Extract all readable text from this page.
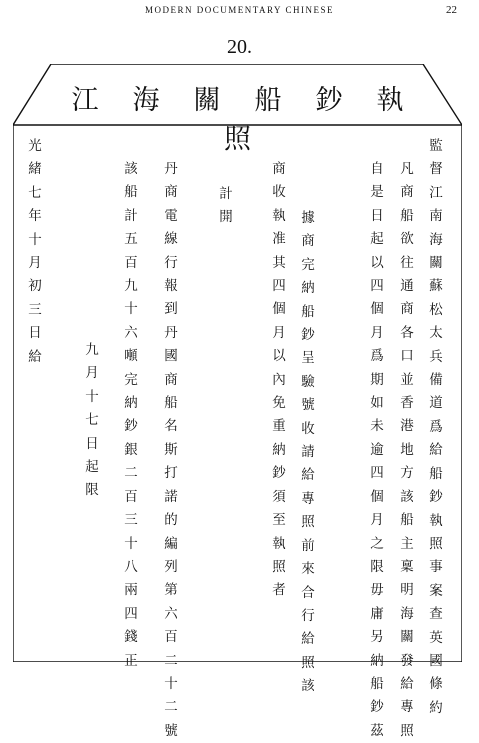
MODERN DOCUMENTARY CHINESE	22
20.
江海關船鈔執照	監督江南海關蘇松太兵備道　爲給船鈔執照事案查英國條約
凡商船欲往通商各口並香港地方該船主稟明海關發給專照
自是日起以四個月爲期如未逾四個月之限毋庸另納船鈔茲
據　商　完納船鈔呈驗號收請給專照前來合行給照該
商收執准其四個月以內免重納鈔須至執照者
計　開
丹商電線行報到丹國商船名斯打諾的編列第六百二十二號
該船計五百九十六噸完納鈔銀二百三十八兩四錢正
九月十七日起限
光緒　七　年　十月　初三　日給
